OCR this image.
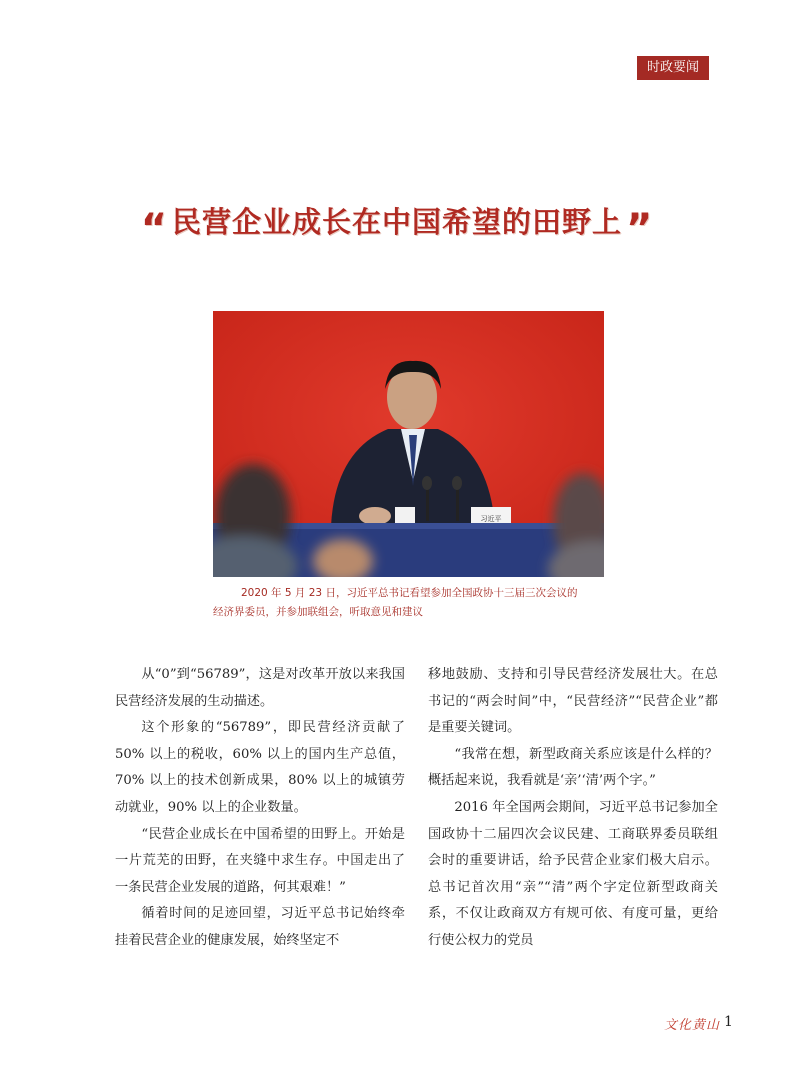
时政要闻
“ 民营企业成长在中国希望的田野上 ”
习近平

2020 年 5 月 23 日，习近平总书记看望参加全国政协十三届三次会议的

经济界委员，并参加联组会，听取意见和建议

从“0”到“56789”，这是对改革开放以来我国民营经济发展的生动描述。

这个形象的“56789”，即民营经济贡献了 50% 以上的税收，60% 以上的国内生产总值，70% 以上的技术创新成果，80% 以上的城镇劳动就业，90% 以上的企业数量。

“民营企业成长在中国希望的田野上。开始是一片荒芜的田野，在夹缝中求生存。中国走出了一条民营企业发展的道路，何其艰难！”

循着时间的足迹回望，习近平总书记始终牵挂着民营企业的健康发展，始终坚定不

移地鼓励、支持和引导民营经济发展壮大。在总书记的“两会时间”中，“民营经济”“民营企业”都是重要关键词。

“我常在想，新型政商关系应该是什么样的？概括起来说，我看就是‘亲’‘清’两个字。”

2016 年全国两会期间，习近平总书记参加全国政协十二届四次会议民建、工商联界委员联组会时的重要讲话，给予民营企业家们极大启示。总书记首次用“亲”“清”两个字定位新型政商关系，不仅让政商双方有规可依、有度可量，更给行使公权力的党员

文化黄山 1
